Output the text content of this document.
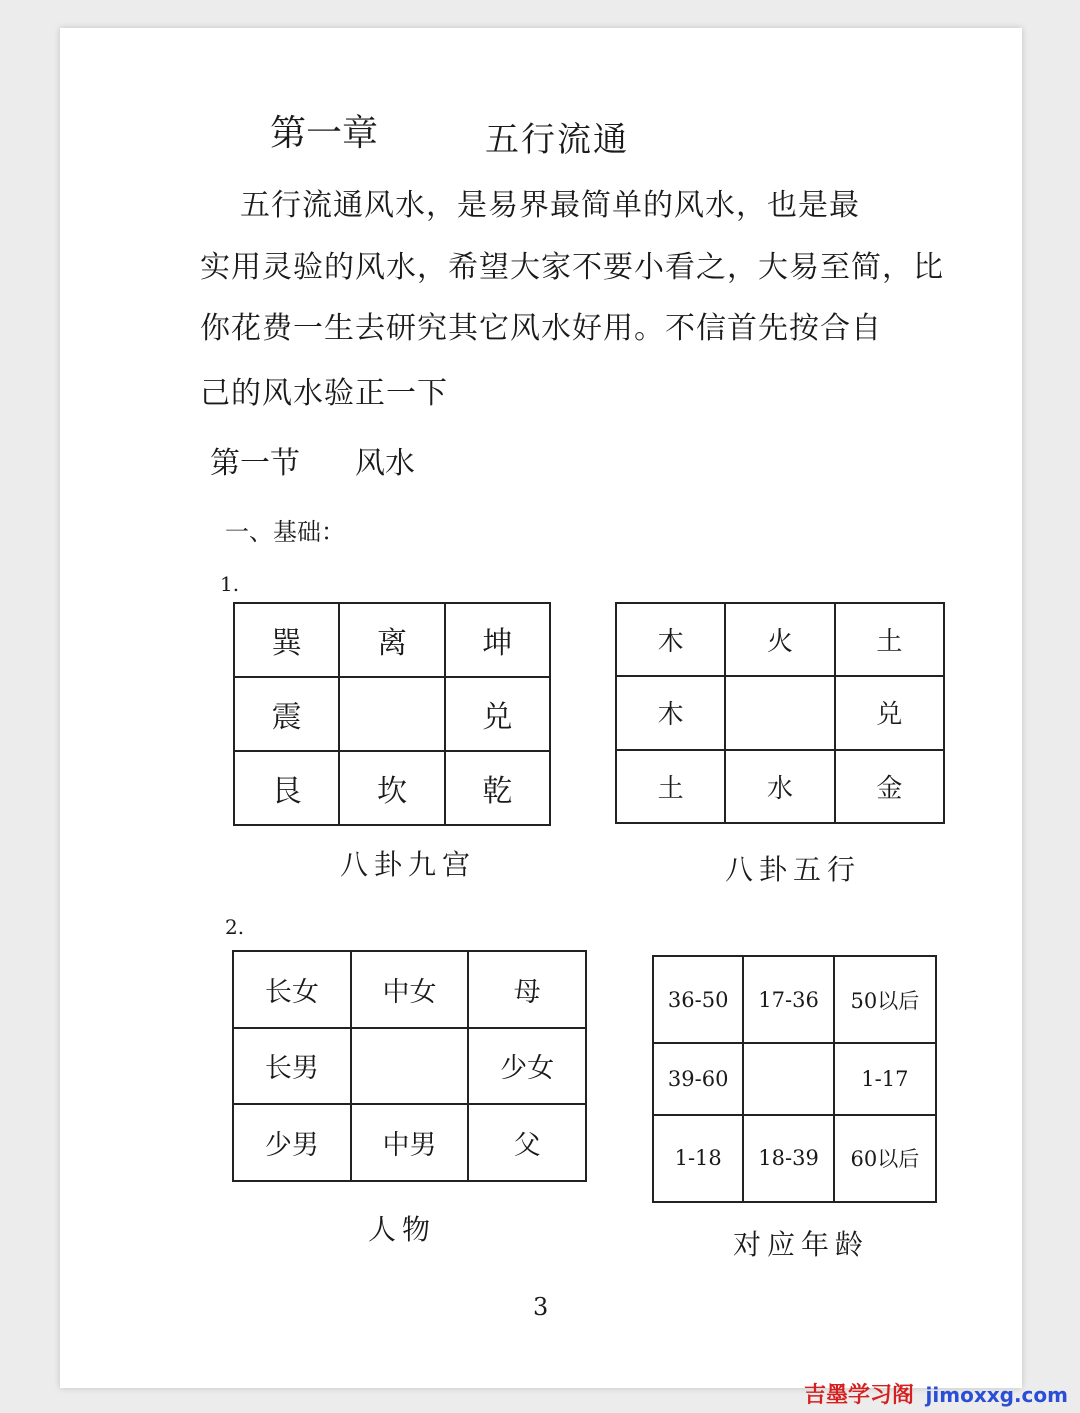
第一章	五行流通
五行流通风水，是易界最简单的风水，也是最
实用灵验的风水，希望大家不要小看之，大易至简，比
你花费一生去研究其它风水好用。不信首先按合自
己的风水验正一下
第一节 风水
一、基础：
1.
巽	离	坤
震		兑
艮	坎	乾
八卦九宫
木	火	土
木		兑
土	水	金
八卦五行
2.
长女	中女	母
长男		少女
少男	中男	父
人物
36-50	17-36	50以后
39-60		1-17
1-18	18-39	60以后
对应年龄
3
吉墨学习阁 jimoxxg.com
